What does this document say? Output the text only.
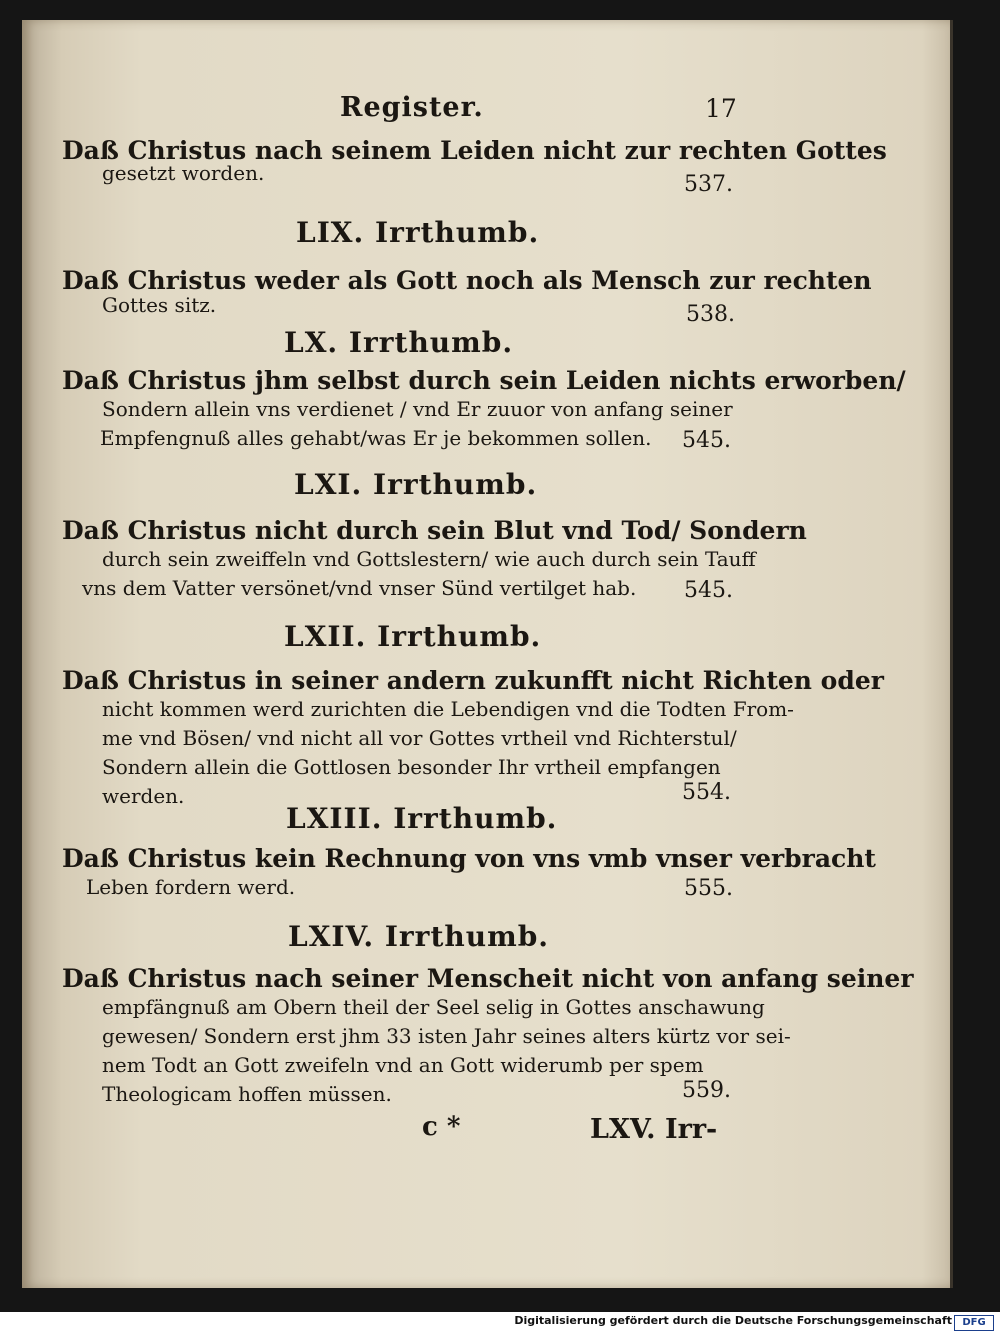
Register.	17
Daß Christus nach seinem Leiden nicht zur rechten Gottes
gesetzt worden.	537.
LIX. Irrthumb.
Daß Christus weder als Gott noch als Mensch zur rechten
Gottes sitz.	538.
LX. Irrthumb.
Daß Christus jhm selbst durch sein Leiden nichts erworben/
Sondern allein vns verdienet / vnd Er zuuor von anfang seiner
Empfengnuß alles gehabt/was Er je bekommen sollen.	545.
LXI. Irrthumb.
Daß Christus nicht durch sein Blut vnd Tod/ Sondern
durch sein zweiffeln vnd Gottslestern/ wie auch durch sein Tauff
vns dem Vatter versönet/vnd vnser Sünd vertilget hab.	545.
LXII. Irrthumb.
Daß Christus in seiner andern zukunfft nicht Richten oder
nicht kommen werd zurichten die Lebendigen vnd die Todten From-
me vnd Bösen/ vnd nicht all vor Gottes vrtheil vnd Richterstul/
Sondern allein die Gottlosen besonder Ihr vrtheil empfangen
werden.	554.
LXIII. Irrthumb.
Daß Christus kein Rechnung von vns vmb vnser verbracht
Leben fordern werd.	555.
LXIV. Irrthumb.
Daß Christus nach seiner Menscheit nicht von anfang seiner
empfängnuß am Obern theil der Seel selig in Gottes anschawung
gewesen/ Sondern erst jhm 33 isten Jahr seines alters kürtz vor sei-
nem Todt an Gott zweifeln vnd an Gott widerumb per spem
Theologicam hoffen müssen.	559.
c *	LXV. Irr-
Digitalisierung gefördert durch die Deutsche Forschungsgemeinschaft	DFG
